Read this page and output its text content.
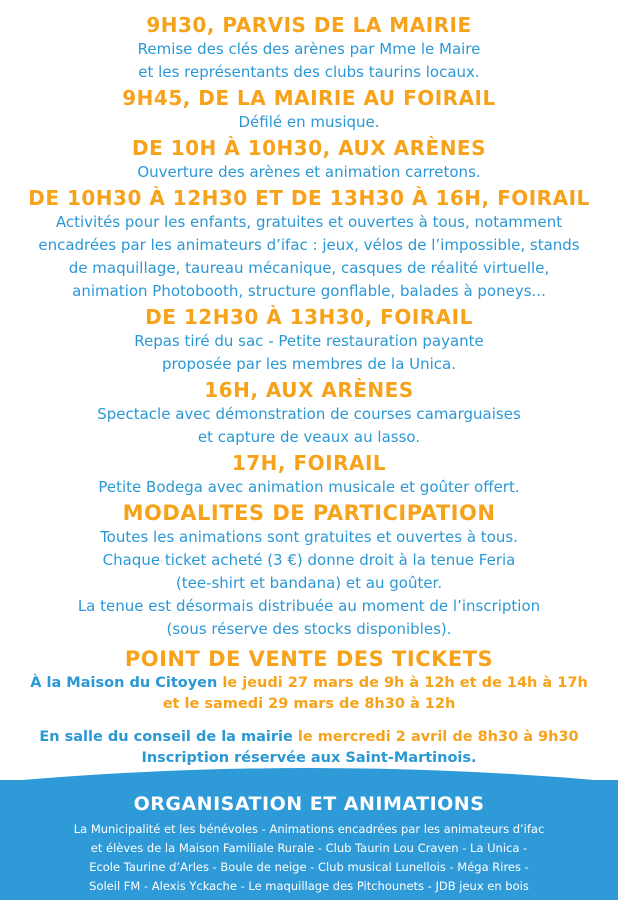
9H30, PARVIS DE LA MAIRIE

Remise des clés des arènes par Mme le Maire

et les représentants des clubs taurins locaux.

9H45, DE LA MAIRIE AU FOIRAIL

Défilé en musique.

DE 10H À 10H30, AUX ARÈNES

Ouverture des arènes et animation carretons.

DE 10H30 À 12H30 ET DE 13H30 À 16H, FOIRAIL

Activités pour les enfants, gratuites et ouvertes à tous, notamment

encadrées par les animateurs d’ifac : jeux, vélos de l’impossible, stands

de maquillage, taureau mécanique, casques de réalité virtuelle,

animation Photobooth, structure gonflable, balades à poneys...

DE 12H30 À 13H30, FOIRAIL

Repas tiré du sac - Petite restauration payante

proposée par les membres de la Unica.

16H, AUX ARÈNES

Spectacle avec démonstration de courses camarguaises

et capture de veaux au lasso.

17H, FOIRAIL

Petite Bodega avec animation musicale et goûter offert.

MODALITES DE PARTICIPATION

Toutes les animations sont gratuites et ouvertes à tous.

Chaque ticket acheté (3 €) donne droit à la tenue Feria

(tee-shirt et bandana) et au goûter.

La tenue est désormais distribuée au moment de l’inscription

(sous réserve des stocks disponibles).

POINT DE VENTE DES TICKETS

À la Maison du Citoyen le jeudi 27 mars de 9h à 12h et de 14h à 17h

et le samedi 29 mars de 8h30 à 12h

En salle du conseil de la mairie le mercredi 2 avril de 8h30 à 9h30

Inscription réservée aux Saint-Martinois.

ORGANISATION ET ANIMATIONS
La Municipalité et les bénévoles - Animations encadrées par les animateurs d’ifac
et élèves de la Maison Familiale Rurale - Club Taurin Lou Craven - La Unica -
Ecole Taurine d’Arles - Boule de neige - Club musical Lunellois - Méga Rires -
Soleil FM - Alexis Yckache - Le maquillage des Pitchounets - JDB jeux en bois
